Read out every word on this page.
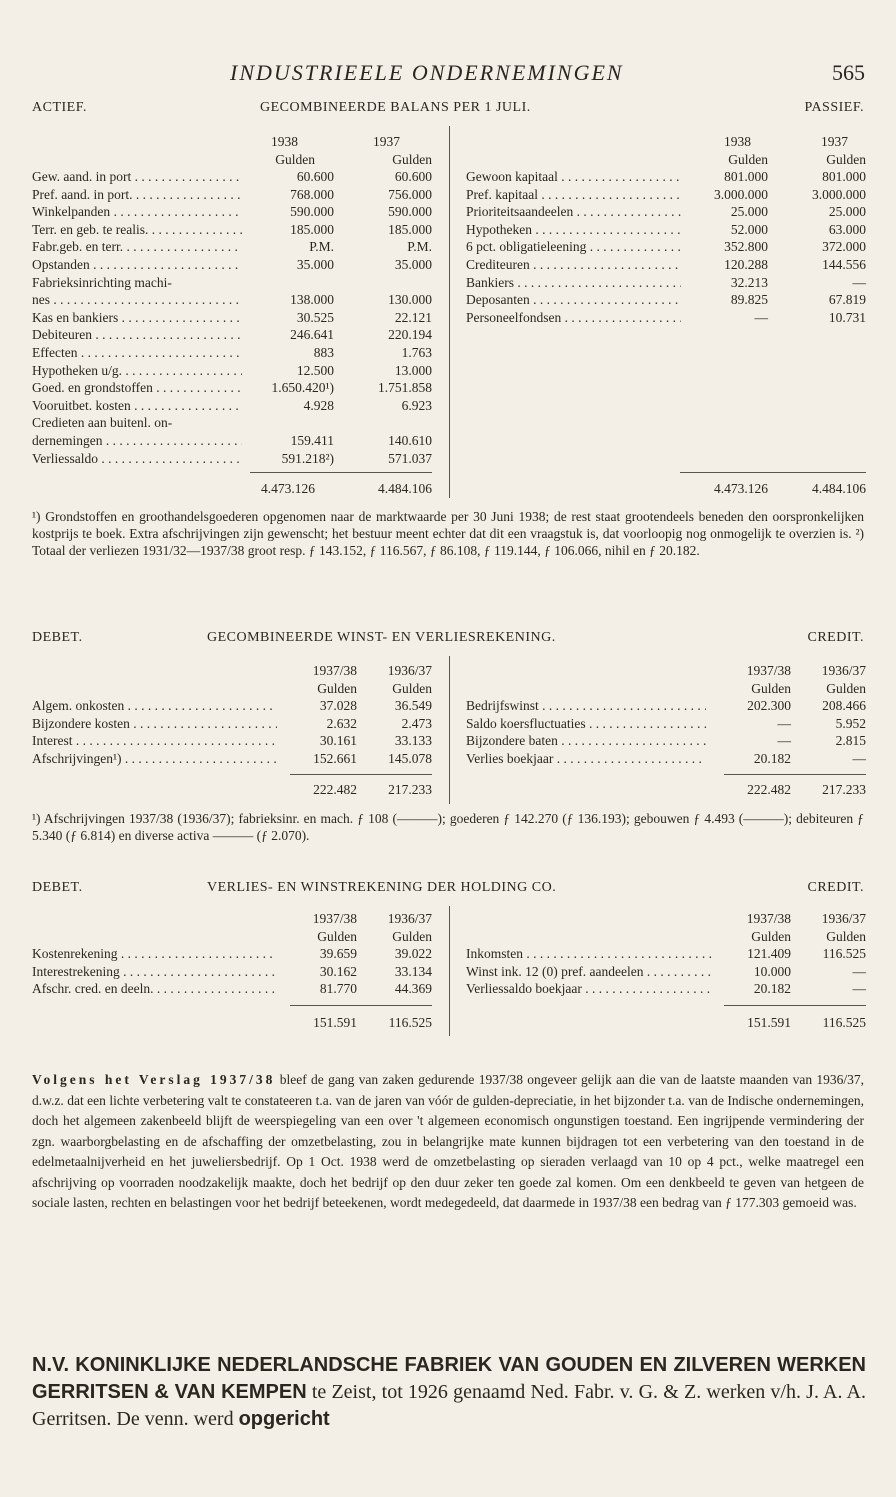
INDUSTRIEELE ONDERNEMINGEN	565
ACTIEF.	GECOMBINEERDE BALANS PER 1 JULI.	PASSIEF.
1938	1937
Gulden	Gulden
1938	1937
Gulden	Gulden
Gew. aand. in port . . .	60.600	60.600
Pref. aand. in port. . . .	768.000	756.000
Winkelpanden . . .	590.000	590.000
Terr. en geb. te realis. . . .	185.000	185.000
Fabr.geb. en terr. . . .	P.M.	P.M.
Opstanden . . .	35.000	35.000
Fabrieksinrichting machi-
nes . . .	138.000	130.000
Kas en bankiers . . .	30.525	22.121
Debiteuren . . .	246.641	220.194
Effecten . . .	883	1.763
Hypotheken u/g. . . .	12.500	13.000
Goed. en grondstoffen . . .	1.650.420¹)	1.751.858
Vooruitbet. kosten . . .	4.928	6.923
Credieten aan buitenl. on-
dernemingen . . .	159.411	140.610
Verliessaldo . . .	591.218²)	571.037
Gewoon kapitaal . . .	801.000	801.000
Pref. kapitaal . . .	3.000.000	3.000.000
Prioriteitsaandeelen . . .	25.000	25.000
Hypotheken . . .	52.000	63.000
6 pct. obligatieleening . . .	352.800	372.000
Crediteuren . . .	120.288	144.556
Bankiers . . .	32.213	—
Deposanten . . .	89.825	67.819
Personeelfondsen . . .	—	10.731
4.473.126	4.484.106	4.473.126	4.484.106
¹) Grondstoffen en groothandelsgoederen opgenomen naar de marktwaarde per 30 Juni 1938; de rest staat grootendeels beneden den oorspronkelijken kostprijs te boek. Extra afschrijvingen zijn gewenscht; het bestuur meent echter dat dit een vraagstuk is, dat voorloopig nog onmogelijk te overzien is. ²) Totaal der verliezen 1931/32—1937/38 groot resp. ƒ 143.152, ƒ 116.567, ƒ 86.108, ƒ 119.144, ƒ 106.066, nihil en ƒ 20.182.
DEBET.	GECOMBINEERDE WINST- EN VERLIESREKENING.	CREDIT.
1937/38 1936/37
Gulden	Gulden
1937/38 1936/37
Gulden	Gulden
Algem. onkosten . . .	37.028	36.549
Bijzondere kosten . . .	2.632	2.473
Interest . . .	30.161	33.133
Afschrijvingen¹) . . .	152.661 145.078
Bedrijfswinst . . .	202.300 208.466
Saldo koersfluctuaties . . .	—	5.952
Bijzondere baten . . .	—	2.815
Verlies boekjaar . . .	20.182	—
222.482 217.233	222.482 217.233
¹) Afschrijvingen 1937/38 (1936/37); fabrieksinr. en mach. ƒ 108 (———); goederen ƒ 142.270 (ƒ 136.193); gebouwen ƒ 4.493 (———); debiteuren ƒ 5.340 (ƒ 6.814) en diverse activa ——— (ƒ 2.070).
DEBET.	VERLIES- EN WINSTREKENING DER HOLDING CO.	CREDIT.
1937/38 1936/37
Gulden	Gulden
1937/38 1936/37
Gulden	Gulden
Kostenrekening . . .	39.659	39.022
Interestrekening . . .	30.162	33.134
Afschr. cred. en deeln. . . .	81.770	44.369
Inkomsten . . .	121.409 116.525
Winst ink. 12 (0) pref. aandeelen . . .	10.000	—
Verliessaldo boekjaar . . .	20.182	—
151.591 116.525	151.591 116.525
Volgens het Verslag 1937/38 bleef de gang van zaken gedurende 1937/38 ongeveer gelijk aan die van de laatste maanden van 1936/37, d.w.z. dat een lichte verbetering valt te constateeren t.a. van de jaren van vóór de gulden-depreciatie, in het bijzonder t.a. van de Indische ondernemingen, doch het algemeen zakenbeeld blijft de weerspiegeling van een over 't algemeen economisch ongunstigen toestand. Een ingrijpende vermindering der zgn. waarborgbelasting en de afschaffing der omzetbelasting, zou in belangrijke mate kunnen bijdragen tot een verbetering van den toestand in de edelmetaalnijverheid en het juweliersbedrijf. Op 1 Oct. 1938 werd de omzetbelasting op sieraden verlaagd van 10 op 4 pct., welke maatregel een afschrijving op voorraden noodzakelijk maakte, doch het bedrijf op den duur zeker ten goede zal komen. Om een denkbeeld te geven van hetgeen de sociale lasten, rechten en belastingen voor het bedrijf beteekenen, wordt medegedeeld, dat daarmede in 1937/38 een bedrag van ƒ 177.303 gemoeid was.
N.V. KONINKLIJKE NEDERLANDSCHE FABRIEK VAN GOUDEN EN ZILVEREN WERKEN GERRITSEN & VAN KEMPEN te Zeist, tot 1926 genaamd Ned. Fabr. v. G. & Z. werken v/h. J. A. A. Gerritsen. De venn. werd opgericht
